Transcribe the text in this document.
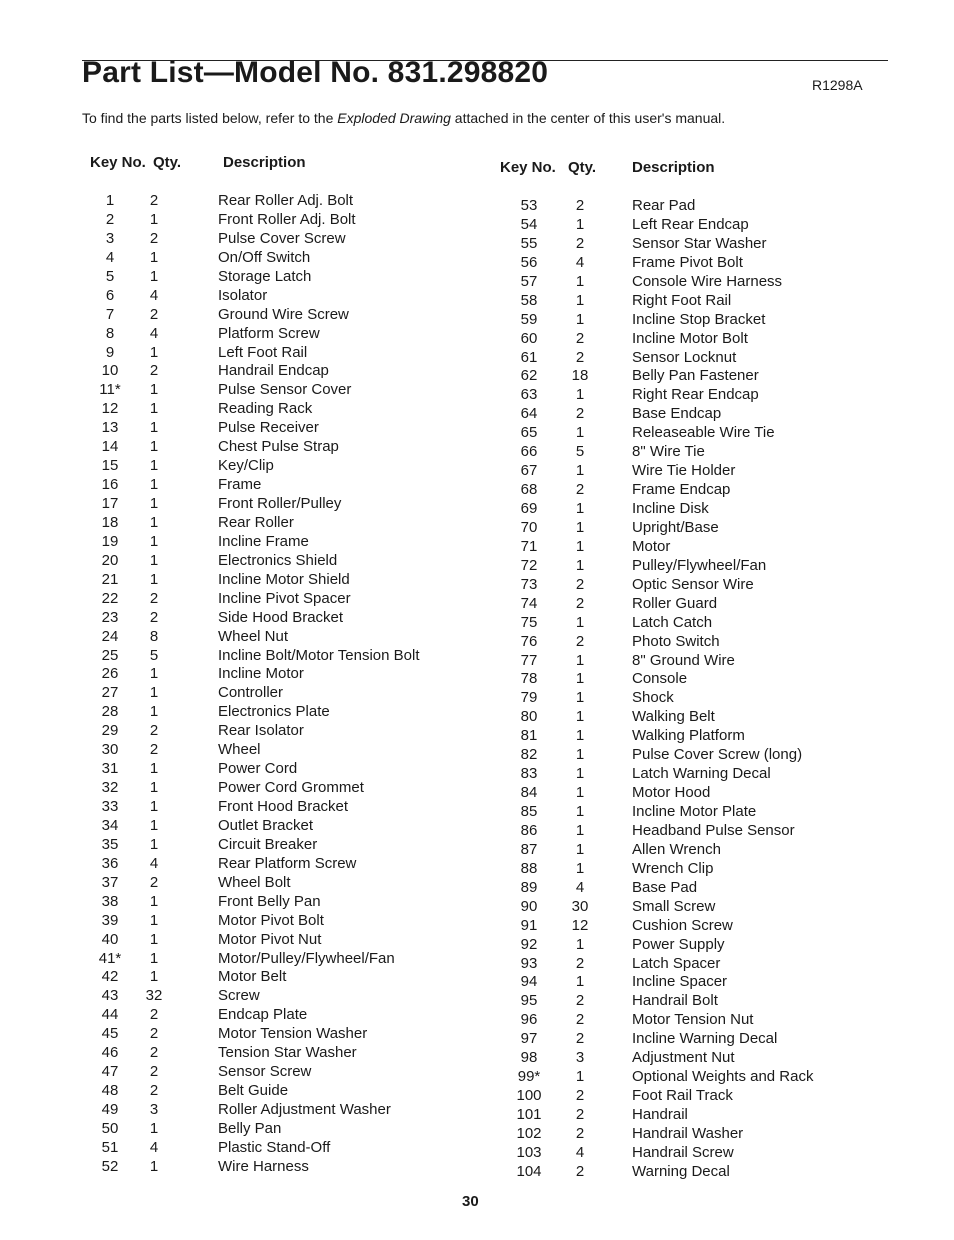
Part List—Model No. 831.298820	R1298A
To find the parts listed below, refer to the Exploded Drawing attached in the center of this user's manual.
Key No. Qty.	Description
1	2	Rear Roller Adj. Bolt
2	1	Front Roller Adj. Bolt
3	2	Pulse Cover Screw
4	1	On/Off Switch
5	1	Storage Latch
6	4	Isolator
7	2	Ground Wire Screw
8	4	Platform Screw
9	1	Left Foot Rail
10	2	Handrail Endcap
11*	1	Pulse Sensor Cover
12	1	Reading Rack
13	1	Pulse Receiver
14	1	Chest Pulse Strap
15	1	Key/Clip
16	1	Frame
17	1	Front Roller/Pulley
18	1	Rear Roller
19	1	Incline Frame
20	1	Electronics Shield
21	1	Incline Motor Shield
22	2	Incline Pivot Spacer
23	2	Side Hood Bracket
24	8	Wheel Nut
25	5	Incline Bolt/Motor Tension Bolt
26	1	Incline Motor
27	1	Controller
28	1	Electronics Plate
29	2	Rear Isolator
30	2	Wheel
31	1	Power Cord
32	1	Power Cord Grommet
33	1	Front Hood Bracket
34	1	Outlet Bracket
35	1	Circuit Breaker
36	4	Rear Platform Screw
37	2	Wheel Bolt
38	1	Front Belly Pan
39	1	Motor Pivot Bolt
40	1	Motor Pivot Nut
41*	1	Motor/Pulley/Flywheel/Fan
42	1	Motor Belt
43	32	Screw
44	2	Endcap Plate
45	2	Motor Tension Washer
46	2	Tension Star Washer
47	2	Sensor Screw
48	2	Belt Guide
49	3	Roller Adjustment Washer
50	1	Belly Pan
51	4	Plastic Stand-Off
52	1	Wire Harness
Key No. Qty.	Description
53	2	Rear Pad
54	1	Left Rear Endcap
55	2	Sensor Star Washer
56	4	Frame Pivot Bolt
57	1	Console Wire Harness
58	1	Right Foot Rail
59	1	Incline Stop Bracket
60	2	Incline Motor Bolt
61	2	Sensor Locknut
62	18	Belly Pan Fastener
63	1	Right Rear Endcap
64	2	Base Endcap
65	1	Releaseable Wire Tie
66	5	8" Wire Tie
67	1	Wire Tie Holder
68	2	Frame Endcap
69	1	Incline Disk
70	1	Upright/Base
71	1	Motor
72	1	Pulley/Flywheel/Fan
73	2	Optic Sensor Wire
74	2	Roller Guard
75	1	Latch Catch
76	2	Photo Switch
77	1	8" Ground Wire
78	1	Console
79	1	Shock
80	1	Walking Belt
81	1	Walking Platform
82	1	Pulse Cover Screw (long)
83	1	Latch Warning Decal
84	1	Motor Hood
85	1	Incline Motor Plate
86	1	Headband Pulse Sensor
87	1	Allen Wrench
88	1	Wrench Clip
89	4	Base Pad
90	30	Small Screw
91	12	Cushion Screw
92	1	Power Supply
93	2	Latch Spacer
94	1	Incline Spacer
95	2	Handrail Bolt
96	2	Motor Tension Nut
97	2	Incline Warning Decal
98	3	Adjustment Nut
99*	1	Optional Weights and Rack
100	2	Foot Rail Track
101	2	Handrail
102	2	Handrail Washer
103	4	Handrail Screw
104	2	Warning Decal
30
